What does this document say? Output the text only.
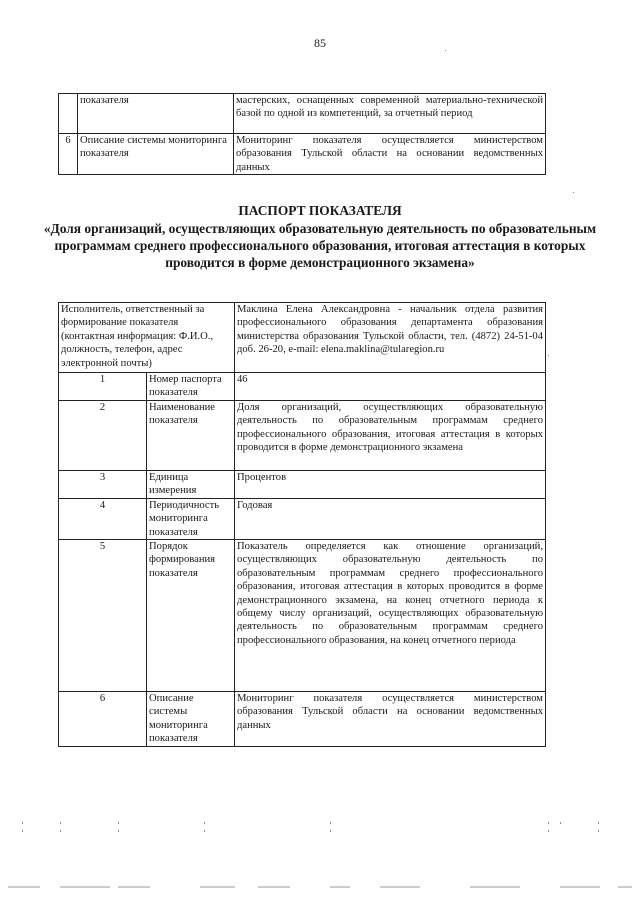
85
	показателя	мастерских, оснащенных современной материально-технической базой по одной из компетенций, за отчетный период
6	Описание системы мониторинга показателя	Мониторинг показателя осуществляется министерством образования Тульской области на основании ведомственных данных
ПАСПОРТ ПОКАЗАТЕЛЯ
«Доля организаций, осуществляющих образовательную деятельность по образовательным программам среднего профессионального образования, итоговая аттестация в которых проводится в форме демонстрационного экзамена»
Исполнитель, ответственный за формирование показателя (контактная информация: Ф.И.О., должность, телефон, адрес электронной почты)		Маклина Елена Александровна - начальник отдела развития профессионального образования департамента образования министерства образования Тульской области, тел. (4872) 24-51-04 доб. 26-20, e-mail: elena.maklina@tularegion.ru
1	Номер паспорта показателя	46
2	Наименование показателя	Доля организаций, осуществляющих образовательную деятельность по образовательным программам среднего профессионального образования, итоговая аттестация в которых проводится в форме демонстрационного экзамена
3	Единица измерения	Процентов
4	Периодичность мониторинга показателя	Годовая
5	Порядок формирования показателя	Показатель определяется как отношение организаций, осуществляющих образовательную деятельность по образовательным программам среднего профессионального образования, итоговая аттестация в которых проводится в форме демонстрационного экзамена, на конец отчетного периода к общему числу организаций, осуществляющих образовательную деятельность по образовательным программам среднего профессионального образования, на конец отчетного периода
6	Описание системы мониторинга показателя	Мониторинг показателя осуществляется министерством образования Тульской области на основании ведомственных данных
